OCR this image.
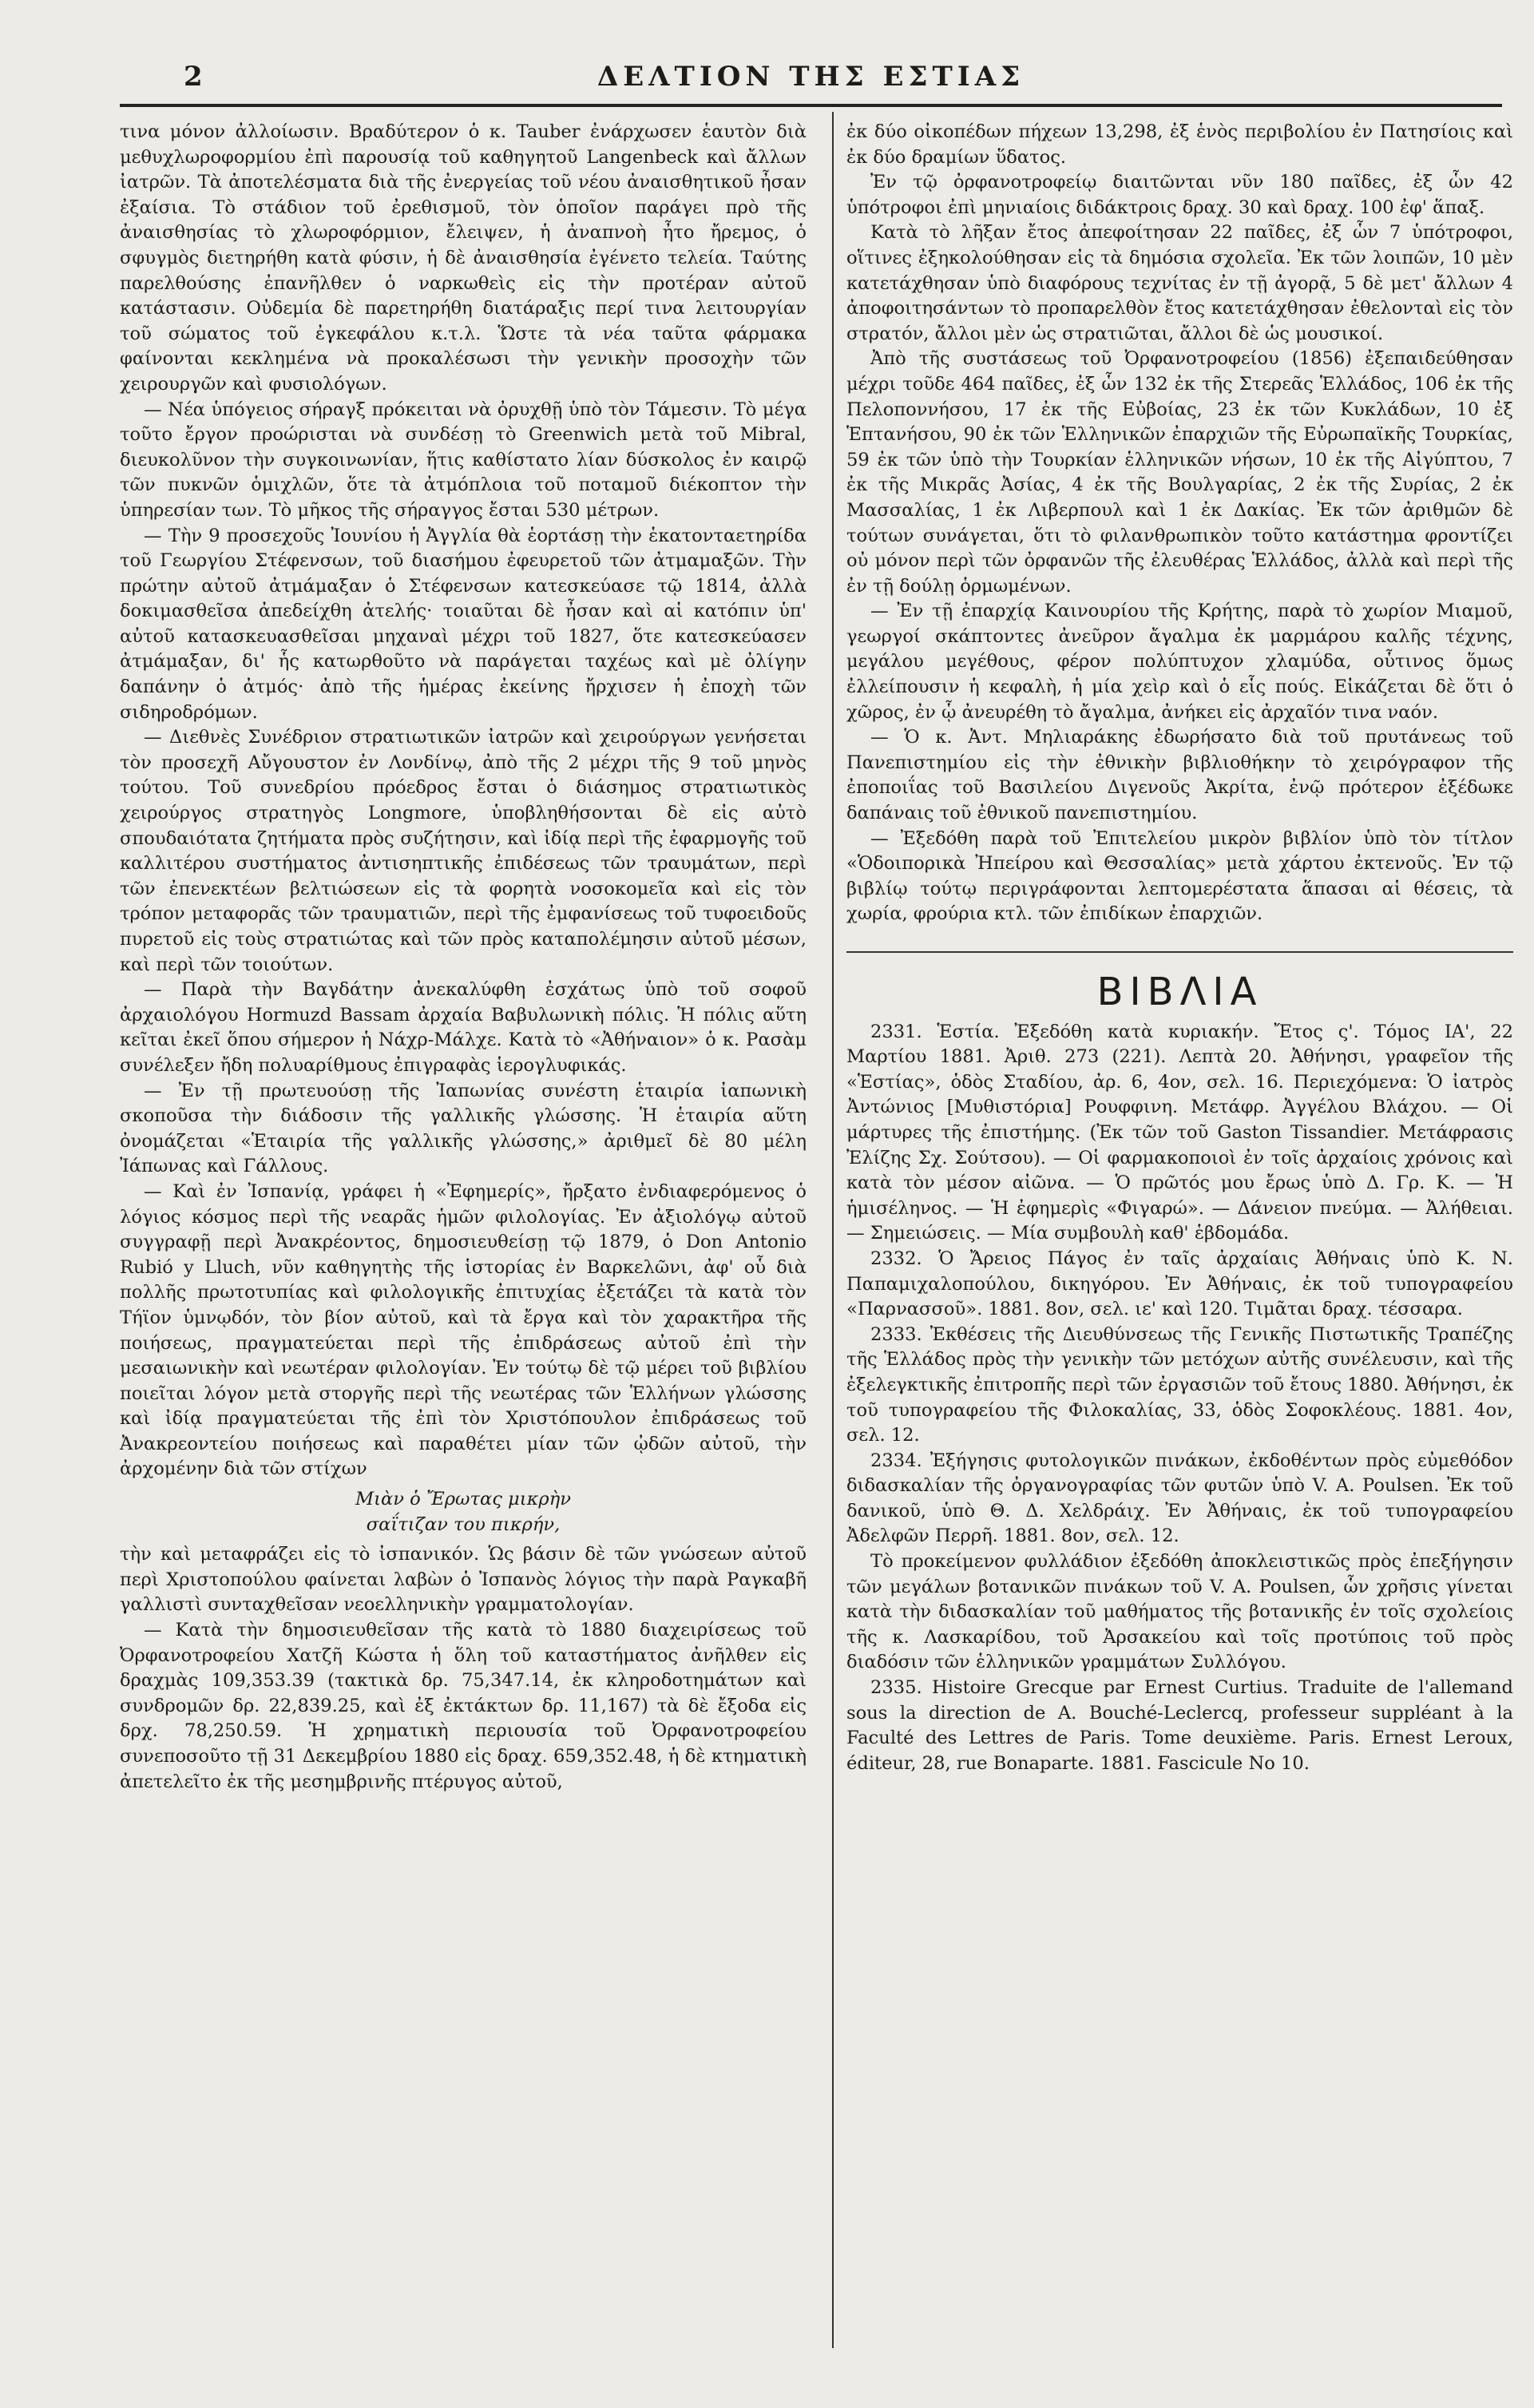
2	ΔΕΛΤΙΟΝ ΤΗΣ ΕΣΤΙΑΣ

τινα μόνον ἀλλοίωσιν. Βραδύτερον ὁ κ. Tauber ἐνάρχωσεν ἑαυτὸν διὰ μεθυχλωροφορμίου ἐπὶ παρουσίᾳ τοῦ καθηγητοῦ Langenbeck καὶ ἄλλων ἰατρῶν. Τὰ ἀποτελέσματα διὰ τῆς ἐνεργείας τοῦ νέου ἀναισθητικοῦ ἦσαν ἐξαίσια. Τὸ στάδιον τοῦ ἐρεθισμοῦ, τὸν ὁποῖον παράγει πρὸ τῆς ἀναισθησίας τὸ χλωροφόρμιον, ἔλειψεν, ἡ ἀναπνοὴ ἦτο ἤρεμος, ὁ σφυγμὸς διετηρήθη κατὰ φύσιν, ἡ δὲ ἀναισθησία ἐγένετο τελεία. Ταύτης παρελθούσης ἐπανῆλθεν ὁ ναρκωθεὶς εἰς τὴν προτέραν αὐτοῦ κατάστασιν. Οὐδεμία δὲ παρετηρήθη διατάραξις περί τινα λειτουργίαν τοῦ σώματος τοῦ ἐγκεφάλου κ.τ.λ. Ὥστε τὰ νέα ταῦτα φάρμακα φαίνονται κεκλημένα νὰ προκαλέσωσι τὴν γενικὴν προσοχὴν τῶν χειρουργῶν καὶ φυσιολόγων.

— Νέα ὑπόγειος σήραγξ πρόκειται νὰ ὀρυχθῇ ὑπὸ τὸν Τάμεσιν. Τὸ μέγα τοῦτο ἔργον προώρισται νὰ συνδέσῃ τὸ Greenwich μετὰ τοῦ Mibral, διευκολῦνον τὴν συγκοινωνίαν, ἥτις καθίστατο λίαν δύσκολος ἐν καιρῷ τῶν πυκνῶν ὁμιχλῶν, ὅτε τὰ ἀτμόπλοια τοῦ ποταμοῦ διέκοπτον τὴν ὑπηρεσίαν των. Τὸ μῆκος τῆς σήραγγος ἔσται 530 μέτρων.

— Τὴν 9 προσεχοῦς Ἰουνίου ἡ Ἀγγλία θὰ ἑορτάσῃ τὴν ἑκατονταετηρίδα τοῦ Γεωργίου Στέφενσων, τοῦ διασήμου ἐφευρετοῦ τῶν ἀτμαμαξῶν. Τὴν πρώτην αὐτοῦ ἀτμάμαξαν ὁ Στέφενσων κατεσκεύασε τῷ 1814, ἀλλὰ δοκιμασθεῖσα ἀπεδείχθη ἀτελής· τοιαῦται δὲ ἦσαν καὶ αἱ κατόπιν ὑπ' αὐτοῦ κατασκευασθεῖσαι μηχαναὶ μέχρι τοῦ 1827, ὅτε κατεσκεύασεν ἀτμάμαξαν, δι' ἧς κατωρθοῦτο νὰ παράγεται ταχέως καὶ μὲ ὀλίγην δαπάνην ὁ ἀτμός· ἀπὸ τῆς ἡμέρας ἐκείνης ἤρχισεν ἡ ἐποχὴ τῶν σιδηροδρόμων.

— Διεθνὲς Συνέδριον στρατιωτικῶν ἰατρῶν καὶ χειρούργων γενήσεται τὸν προσεχῆ Αὔγουστον ἐν Λονδίνῳ, ἀπὸ τῆς 2 μέχρι τῆς 9 τοῦ μηνὸς τούτου. Τοῦ συνεδρίου πρόεδρος ἔσται ὁ διάσημος στρατιωτικὸς χειρούργος στρατηγὸς Longmore, ὑποβληθήσονται δὲ εἰς αὐτὸ σπουδαιότατα ζητήματα πρὸς συζήτησιν, καὶ ἰδίᾳ περὶ τῆς ἐφαρμογῆς τοῦ καλλιτέρου συστήματος ἀντισηπτικῆς ἐπιδέσεως τῶν τραυμάτων, περὶ τῶν ἐπενεκτέων βελτιώσεων εἰς τὰ φορητὰ νοσοκομεῖα καὶ εἰς τὸν τρόπον μεταφορᾶς τῶν τραυματιῶν, περὶ τῆς ἐμφανίσεως τοῦ τυφοειδοῦς πυρετοῦ εἰς τοὺς στρατιώτας καὶ τῶν πρὸς καταπολέμησιν αὐτοῦ μέσων, καὶ περὶ τῶν τοιούτων.

— Παρὰ τὴν Βαγδάτην ἀνεκαλύφθη ἐσχάτως ὑπὸ τοῦ σοφοῦ ἀρχαιολόγου Hormuzd Bassam ἀρχαία Βαβυλωνικὴ πόλις. Ἡ πόλις αὕτη κεῖται ἐκεῖ ὅπου σήμερον ἡ Νάχρ-Μάλχε. Κατὰ τὸ «Ἀθήναιον» ὁ κ. Ρασὰμ συνέλεξεν ἤδη πολυαρίθμους ἐπιγραφὰς ἱερογλυφικάς.

— Ἐν τῇ πρωτευούσῃ τῆς Ἰαπωνίας συνέστη ἑταιρία ἰαπωνικὴ σκοποῦσα τὴν διάδοσιν τῆς γαλλικῆς γλώσσης. Ἡ ἑταιρία αὕτη ὀνομάζεται «Ἑταιρία τῆς γαλλικῆς γλώσσης,» ἀριθμεῖ δὲ 80 μέλη Ἰάπωνας καὶ Γάλλους.

— Καὶ ἐν Ἰσπανίᾳ, γράφει ἡ «Ἐφημερίς», ἤρξατο ἐνδιαφερόμενος ὁ λόγιος κόσμος περὶ τῆς νεαρᾶς ἡμῶν φιλολογίας. Ἐν ἀξιολόγῳ αὐτοῦ συγγραφῇ περὶ Ἀνακρέοντος, δημοσιευθείσῃ τῷ 1879, ὁ Don Antonio Rubió y Lluch, νῦν καθηγητὴς τῆς ἱστορίας ἐν Βαρκελῶνι, ἀφ' οὗ διὰ πολλῆς πρωτοτυπίας καὶ φιλολογικῆς ἐπιτυχίας ἐξετάζει τὰ κατὰ τὸν Τήϊον ὑμνῳδόν, τὸν βίον αὐτοῦ, καὶ τὰ ἔργα καὶ τὸν χαρακτῆρα τῆς ποιήσεως, πραγματεύεται περὶ τῆς ἐπιδράσεως αὐτοῦ ἐπὶ τὴν μεσαιωνικὴν καὶ νεωτέραν φιλολογίαν. Ἐν τούτῳ δὲ τῷ μέρει τοῦ βιβλίου ποιεῖται λόγον μετὰ στοργῆς περὶ τῆς νεωτέρας τῶν Ἑλλήνων γλώσσης καὶ ἰδίᾳ πραγματεύεται τῆς ἐπὶ τὸν Χριστόπουλον ἐπιδράσεως τοῦ Ἀνακρεοντείου ποιήσεως καὶ παραθέτει μίαν τῶν ᾠδῶν αὐτοῦ, τὴν ἀρχομένην διὰ τῶν στίχων

Μιὰν ὁ Ἔρωτας μικρὴν
σαΐτιζαν του πικρήν,

τὴν καὶ μεταφράζει εἰς τὸ ἰσπανικόν. Ὡς βάσιν δὲ τῶν γνώσεων αὐτοῦ περὶ Χριστοπούλου φαίνεται λαβὼν ὁ Ἰσπανὸς λόγιος τὴν παρὰ Ραγκαβῆ γαλλιστὶ συνταχθεῖσαν νεοελληνικὴν γραμματολογίαν.

— Κατὰ τὴν δημοσιευθεῖσαν τῆς κατὰ τὸ 1880 διαχειρίσεως τοῦ Ὀρφανοτροφείου Χατζῆ Κώστα ἡ ὅλη τοῦ καταστήματος ἀνῆλθεν εἰς δραχμὰς 109,353.39 (τακτικὰ δρ. 75,347.14, ἐκ κληροδοτημάτων καὶ συνδρομῶν δρ. 22,839.25, καὶ ἐξ ἐκτάκτων δρ. 11,167) τὰ δὲ ἔξοδα εἰς δρχ. 78,250.59. Ἡ χρηματικὴ περιουσία τοῦ Ὀρφανοτροφείου συνεποσοῦτο τῇ 31 Δεκεμβρίου 1880 εἰς δραχ. 659,352.48, ἡ δὲ κτηματικὴ ἀπετελεῖτο ἐκ τῆς μεσημβρινῆς πτέρυγος αὐτοῦ,

ἐκ δύο οἰκοπέδων πήχεων 13,298, ἐξ ἑνὸς περιβολίου ἐν Πατησίοις καὶ ἐκ δύο δραμίων ὕδατος.

Ἐν τῷ ὀρφανοτροφείῳ διαιτῶνται νῦν 180 παῖδες, ἐξ ὧν 42 ὑπότροφοι ἐπὶ μηνιαίοις διδάκτροις δραχ. 30 καὶ δραχ. 100 ἐφ' ἅπαξ.

Κατὰ τὸ λῆξαν ἔτος ἀπεφοίτησαν 22 παῖδες, ἐξ ὧν 7 ὑπότροφοι, οἵτινες ἐξηκολούθησαν εἰς τὰ δημόσια σχολεῖα. Ἐκ τῶν λοιπῶν, 10 μὲν κατετάχθησαν ὑπὸ διαφόρους τεχνίτας ἐν τῇ ἀγορᾷ, 5 δὲ μετ' ἄλλων 4 ἀποφοιτησάντων τὸ προπαρελθὸν ἔτος κατετάχθησαν ἐθελονταὶ εἰς τὸν στρατόν, ἄλλοι μὲν ὡς στρατιῶται, ἄλλοι δὲ ὡς μουσικοί.

Ἀπὸ τῆς συστάσεως τοῦ Ὀρφανοτροφείου (1856) ἐξεπαιδεύθησαν μέχρι τοῦδε 464 παῖδες, ἐξ ὧν 132 ἐκ τῆς Στερεᾶς Ἑλλάδος, 106 ἐκ τῆς Πελοποννήσου, 17 ἐκ τῆς Εὐβοίας, 23 ἐκ τῶν Κυκλάδων, 10 ἐξ Ἑπτανήσου, 90 ἐκ τῶν Ἑλληνικῶν ἐπαρχιῶν τῆς Εὐρωπαϊκῆς Τουρκίας, 59 ἐκ τῶν ὑπὸ τὴν Τουρκίαν ἑλληνικῶν νήσων, 10 ἐκ τῆς Αἰγύπτου, 7 ἐκ τῆς Μικρᾶς Ἀσίας, 4 ἐκ τῆς Βουλγαρίας, 2 ἐκ τῆς Συρίας, 2 ἐκ Μασσαλίας, 1 ἐκ Λιβερπουλ καὶ 1 ἐκ Δακίας. Ἐκ τῶν ἀριθμῶν δὲ τούτων συνάγεται, ὅτι τὸ φιλανθρωπικὸν τοῦτο κατάστημα φροντίζει οὐ μόνον περὶ τῶν ὀρφανῶν τῆς ἐλευθέρας Ἑλλάδος, ἀλλὰ καὶ περὶ τῆς ἐν τῇ δούλῃ ὁρμωμένων.

— Ἐν τῇ ἐπαρχίᾳ Καινουρίου τῆς Κρήτης, παρὰ τὸ χωρίον Μιαμοῦ, γεωργοί σκάπτοντες ἀνεῦρον ἄγαλμα ἐκ μαρμάρου καλῆς τέχνης, μεγάλου μεγέθους, φέρον πολύπτυχον χλαμύδα, οὗτινος ὅμως ἐλλείπουσιν ἡ κεφαλὴ, ἡ μία χεὶρ καὶ ὁ εἷς πούς. Εἰκάζεται δὲ ὅτι ὁ χῶρος, ἐν ᾧ ἀνευρέθη τὸ ἄγαλμα, ἀνήκει εἰς ἀρχαῖόν τινα ναόν.

— Ὁ κ. Ἀντ. Μηλιαράκης ἐδωρήσατο διὰ τοῦ πρυτάνεως τοῦ Πανεπιστημίου εἰς τὴν ἐθνικὴν βιβλιοθήκην τὸ χειρόγραφον τῆς ἐποποιΐας τοῦ Βασιλείου Διγενοῦς Ἀκρίτα, ἐνῷ πρότερον ἐξέδωκε δαπάναις τοῦ ἐθνικοῦ πανεπιστημίου.

— Ἐξεδόθη παρὰ τοῦ Ἐπιτελείου μικρὸν βιβλίον ὑπὸ τὸν τίτλον «Ὁδοιπορικὰ Ἠπείρου καὶ Θεσσαλίας» μετὰ χάρτου ἐκτενοῦς. Ἐν τῷ βιβλίῳ τούτῳ περιγράφονται λεπτομερέστατα ἅπασαι αἱ θέσεις, τὰ χωρία, φρούρια κτλ. τῶν ἐπιδίκων ἐπαρχιῶν.

ΒΙΒΛΙΑ

2331. Ἑστία. Ἐξεδόθη κατὰ κυριακήν. Ἔτος ς'. Τόμος ΙΑ', 22 Μαρτίου 1881. Ἀριθ. 273 (221). Λεπτὰ 20. Ἀθήνησι, γραφεῖον τῆς «Ἑστίας», ὁδὸς Σταδίου, ἀρ. 6, 4ον, σελ. 16. Περιεχόμενα: Ὁ ἰατρὸς Ἀντώνιος [Μυθιστόρια] Ρουφφινη. Μετάφρ. Ἀγγέλου Βλάχου. — Οἱ μάρτυρες τῆς ἐπιστήμης. (Ἐκ τῶν τοῦ Gaston Tissandier. Μετάφρασις Ἐλίζης Σχ. Σούτσου). — Οἱ φαρμακοποιοὶ ἐν τοῖς ἀρχαίοις χρόνοις καὶ κατὰ τὸν μέσον αἰῶνα. — Ὁ πρῶτός μου ἔρως ὑπὸ Δ. Γρ. Κ. — Ἡ ἡμισέληνος. — Ἡ ἐφημερὶς «Φιγαρώ». — Δάνειον πνεύμα. — Ἀλήθειαι. — Σημειώσεις. — Μία συμβουλὴ καθ' ἑβδομάδα.

2332. Ὁ Ἄρειος Πάγος ἐν ταῖς ἀρχαίαις Ἀθήναις ὑπὸ Κ. Ν. Παπαμιχαλοπούλου, δικηγόρου. Ἐν Ἀθήναις, ἐκ τοῦ τυπογραφείου «Παρνασσοῦ». 1881. 8ον, σελ. ιε' καὶ 120. Τιμᾶται δραχ. τέσσαρα.

2333. Ἐκθέσεις τῆς Διευθύνσεως τῆς Γενικῆς Πιστωτικῆς Τραπέζης τῆς Ἑλλάδος πρὸς τὴν γενικὴν τῶν μετόχων αὐτῆς συνέλευσιν, καὶ τῆς ἐξελεγκτικῆς ἐπιτροπῆς περὶ τῶν ἐργασιῶν τοῦ ἔτους 1880. Ἀθήνησι, ἐκ τοῦ τυπογραφείου τῆς Φιλοκαλίας, 33, ὁδὸς Σοφοκλέους. 1881. 4ον, σελ. 12.

2334. Ἐξήγησις φυτολογικῶν πινάκων, ἐκδοθέντων πρὸς εὐμεθόδον διδασκαλίαν τῆς ὀργανογραφίας τῶν φυτῶν ὑπὸ V. A. Poulsen. Ἐκ τοῦ δανικοῦ, ὑπὸ Θ. Δ. Χελδράιχ. Ἐν Ἀθήναις, ἐκ τοῦ τυπογραφείου Ἀδελφῶν Περρῆ. 1881. 8ον, σελ. 12.

Τὸ προκείμενον φυλλάδιον ἐξεδόθη ἀποκλειστικῶς πρὸς ἐπεξήγησιν τῶν μεγάλων βοτανικῶν πινάκων τοῦ V. A. Poulsen, ὧν χρῆσις γίνεται κατὰ τὴν διδασκαλίαν τοῦ μαθήματος τῆς βοτανικῆς ἐν τοῖς σχολείοις τῆς κ. Λασκαρίδου, τοῦ Ἀρσακείου καὶ τοῖς προτύποις τοῦ πρὸς διαδόσιν τῶν ἑλληνικῶν γραμμάτων Συλλόγου.

2335. Histoire Grecque par Ernest Curtius. Traduite de l'allemand sous la direction de A. Bouché-Leclercq, professeur suppléant à la Faculté des Lettres de Paris. Tome deuxième. Paris. Ernest Leroux, éditeur, 28, rue Bonaparte. 1881. Fascicule No 10.
